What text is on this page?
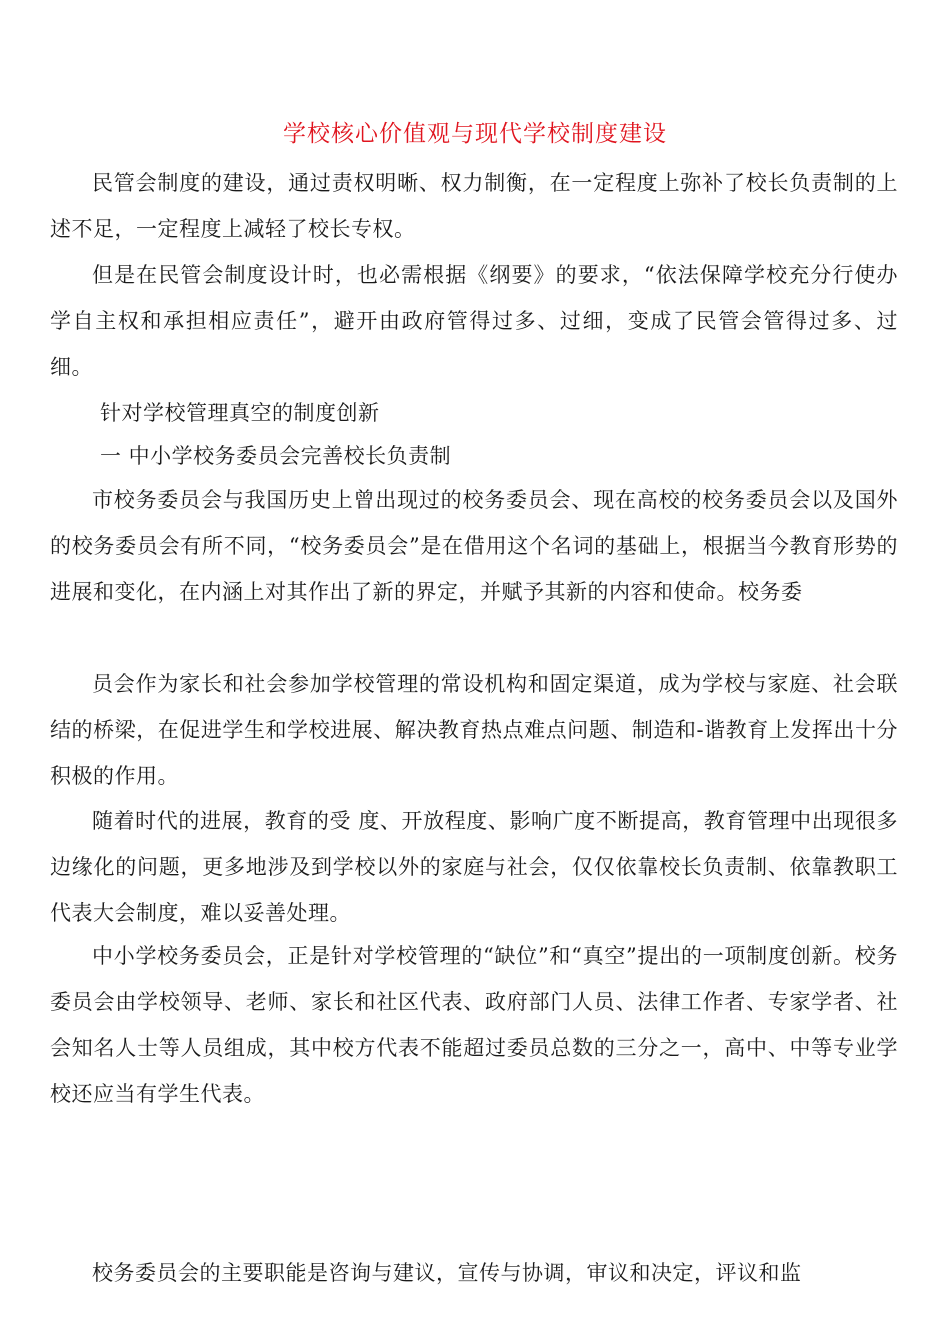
学校核心价值观与现代学校制度建设

民管会制度的建设，通过责权明晰、权力制衡，在一定程度上弥补了校长负责制的上述不足，一定程度上减轻了校长专权。

但是在民管会制度设计时，也必需根据《纲要》的要求，“依法保障学校充分行使办学自主权和承担相应责任”，避开由政府管得过多、过细，变成了民管会管得过多、过细。

针对学校管理真空的制度创新

一 中小学校务委员会完善校长负责制

市校务委员会与我国历史上曾出现过的校务委员会、现在高校的校务委员会以及国外的校务委员会有所不同，“校务委员会”是在借用这个名词的基础上，根据当今教育形势的进展和变化，在内涵上对其作出了新的界定，并赋予其新的内容和使命。校务委

员会作为家长和社会参加学校管理的常设机构和固定渠道，成为学校与家庭、社会联结的桥梁，在促进学生和学校进展、解决教育热点难点问题、制造和-谐教育上发挥出十分积极的作用。

随着时代的进展，教育的受 度、开放程度、影响广度不断提高，教育管理中出现很多边缘化的问题，更多地涉及到学校以外的家庭与社会，仅仅依靠校长负责制、依靠教职工代表大会制度，难以妥善处理。

中小学校务委员会，正是针对学校管理的“缺位”和“真空”提出的一项制度创新。校务委员会由学校领导、老师、家长和社区代表、政府部门人员、法律工作者、专家学者、社会知名人士等人员组成，其中校方代表不能超过委员总数的三分之一，高中、中等专业学校还应当有学生代表。

校务委员会的主要职能是咨询与建议，宣传与协调，审议和决定，评议和监
